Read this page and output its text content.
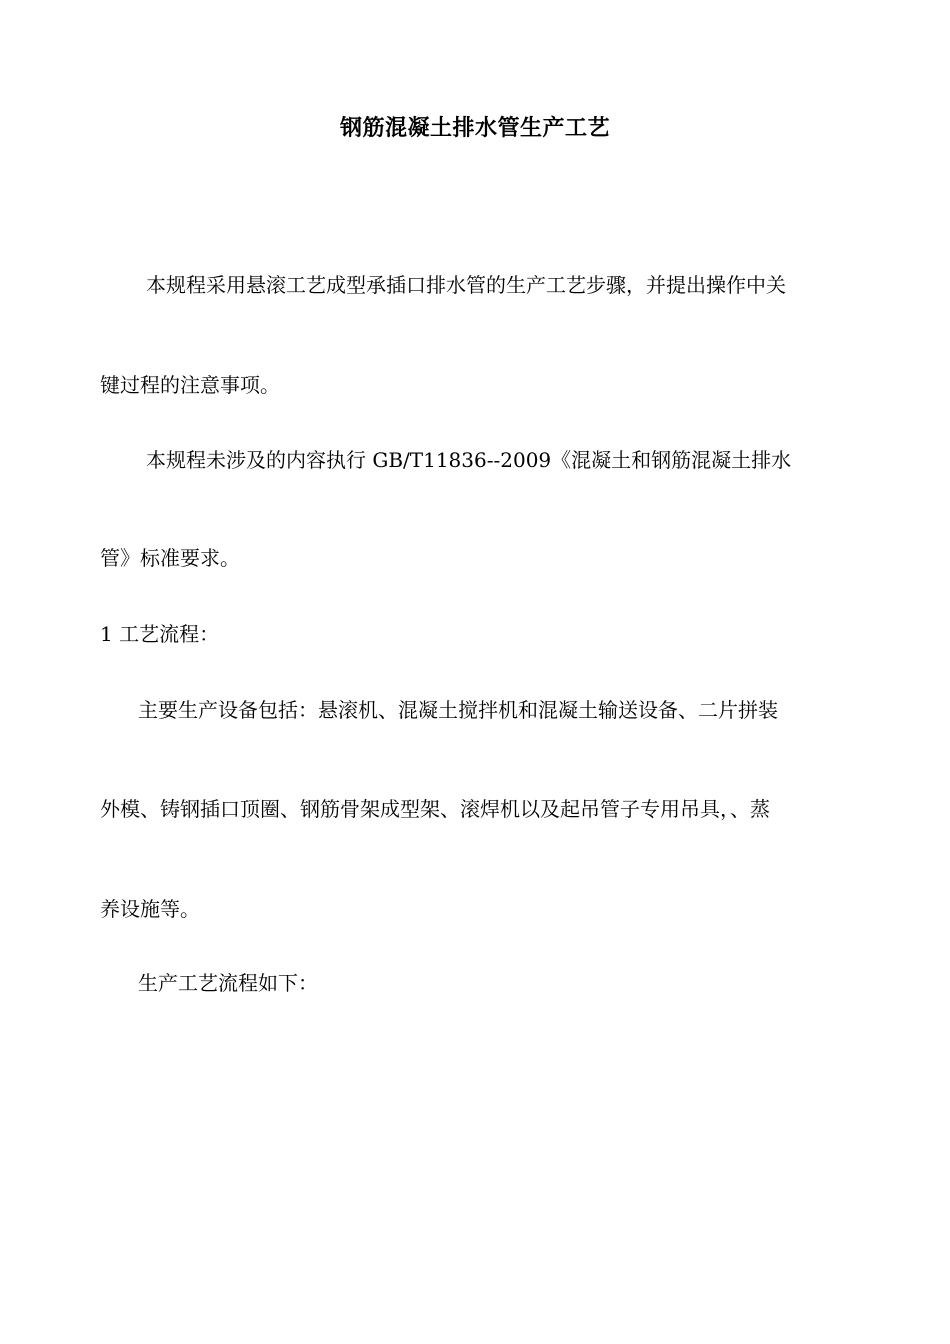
钢筋混凝土排水管生产工艺
本规程采用悬滚工艺成型承插口排水管的生产工艺步骤，并提出操作中关
键过程的注意事项。
本规程未涉及的内容执行 GB/T11836--2009《混凝土和钢筋混凝土排水
管》标准要求。
1 工艺流程：
主要生产设备包括：悬滚机、混凝土搅拌机和混凝土输送设备、二片拼装
外模、铸钢插口顶圈、钢筋骨架成型架、滚焊机以及起吊管子专用吊具，、蒸
养设施等。
生产工艺流程如下：
